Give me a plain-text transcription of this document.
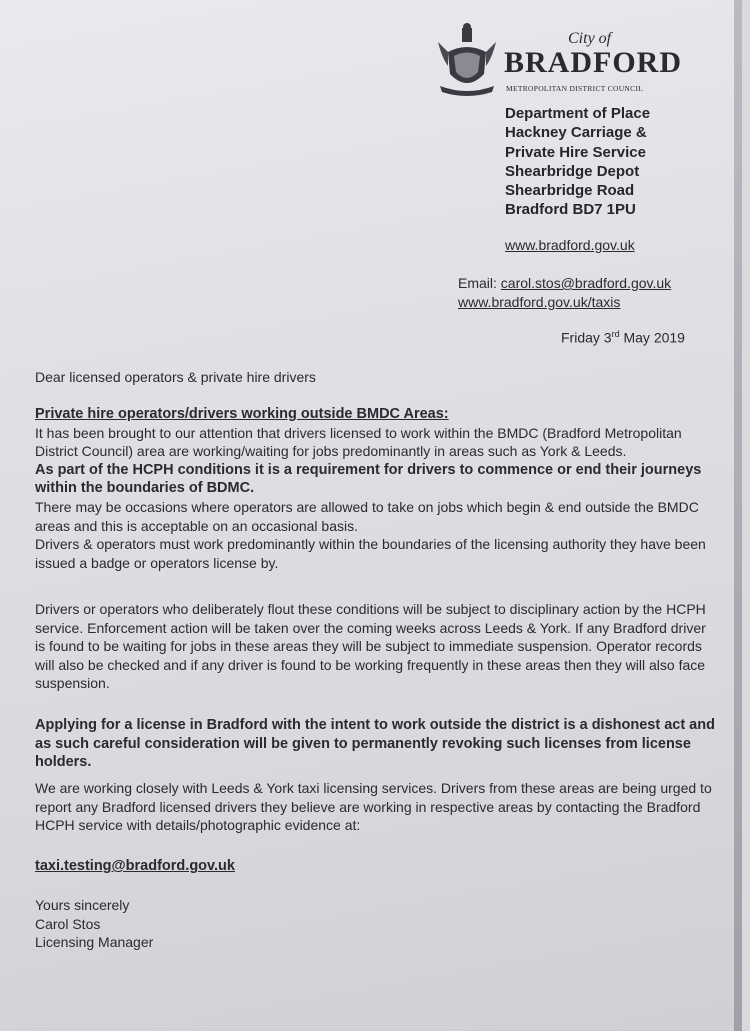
City of
BRADFORD
METROPOLITAN DISTRICT COUNCIL
Department of Place
Hackney Carriage &
Private Hire Service
Shearbridge Depot
Shearbridge Road
Bradford BD7 1PU
www.bradford.gov.uk
Email: carol.stos@bradford.gov.uk
www.bradford.gov.uk/taxis
Friday 3rd May 2019
Dear licensed operators & private hire drivers
Private hire operators/drivers working outside BMDC Areas:
It has been brought to our attention that drivers licensed to work within the BMDC (Bradford Metropolitan District Council) area are working/waiting for jobs predominantly in areas such as York & Leeds.
As part of the HCPH conditions it is a requirement for drivers to commence or end their journeys within the boundaries of BDMC.
There may be occasions where operators are allowed to take on jobs which begin & end outside the BMDC areas and this is acceptable on an occasional basis.
Drivers & operators must work predominantly within the boundaries of the licensing authority they have been issued a badge or operators license by.
Drivers or operators who deliberately flout these conditions will be subject to disciplinary action by the HCPH service. Enforcement action will be taken over the coming weeks across Leeds & York. If any Bradford driver is found to be waiting for jobs in these areas they will be subject to immediate suspension. Operator records will also be checked and if any driver is found to be working frequently in these areas then they will also face suspension.
Applying for a license in Bradford with the intent to work outside the district is a dishonest act and as such careful consideration will be given to permanently revoking such licenses from license holders.
We are working closely with Leeds & York taxi licensing services. Drivers from these areas are being urged to report any Bradford licensed drivers they believe are working in respective areas by contacting the Bradford HCPH service with details/photographic evidence at:
taxi.testing@bradford.gov.uk
Yours sincerely
Carol Stos
Licensing Manager
